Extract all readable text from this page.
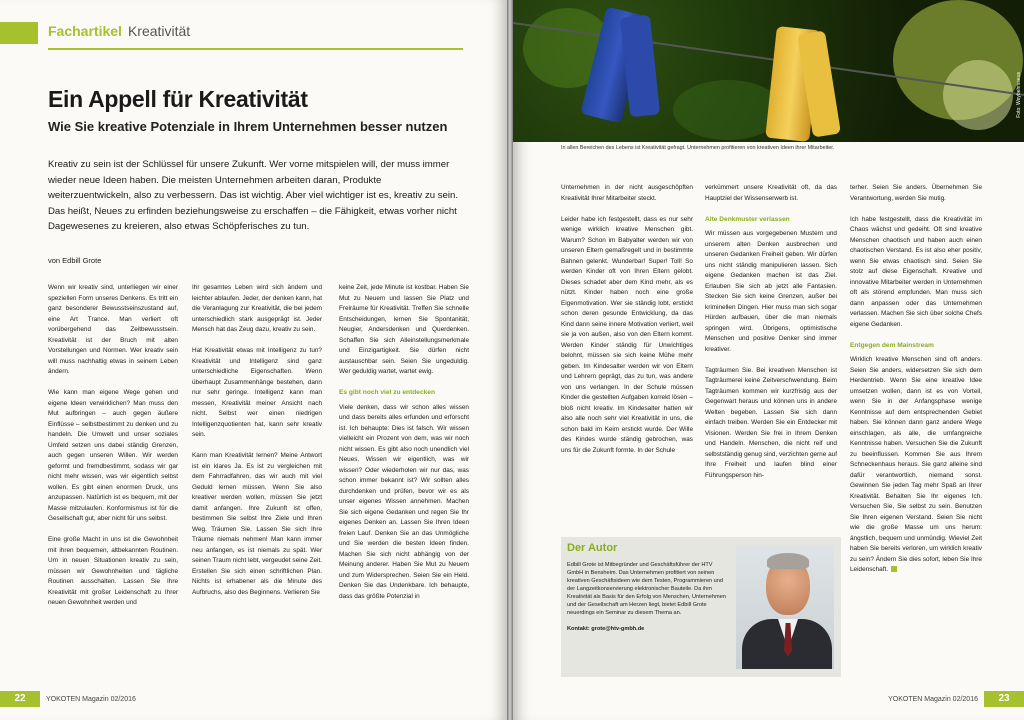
Fachartikel Kreativität
Ein Appell für Kreativität
Wie Sie kreative Potenziale in Ihrem Unternehmen besser nutzen

Kreativ zu sein ist der Schlüssel für unsere Zukunft. Wer vorne mitspielen will, der muss immer wieder neue Ideen haben. Die meisten Unternehmen arbeiten daran, Produkte weiterzuentwickeln, also zu verbessern. Das ist wichtig. Aber viel wichtiger ist es, kreativ zu sein. Das heißt, Neues zu erfinden beziehungsweise zu erschaffen – die Fähigkeit, etwas vorher nicht Dagewesenes zu kreieren, also etwas Schöpferisches zu tun.

von Edbill Grote

Wenn wir kreativ sind, unterliegen wir einer speziellen Form unseres Denkens. Es tritt ein ganz besonderer Bewusstseinszustand auf, eine Art Trance. Man verliert oft vorübergehend das Zeitbewusstsein. Kreativität ist der Bruch mit alten Vorstellungen und Normen. Wer kreativ sein will muss nachhaltig etwas in seinem Leben ändern.

Wie kann man eigene Wege gehen und eigene Ideen verwirklichen? Man muss den Mut aufbringen – auch gegen äußere Einflüsse – selbstbestimmt zu denken und zu handeln. Die Umwelt und unser soziales Umfeld setzen uns dabei ständig Grenzen, auch gegen unseren Willen. Wir werden geformt und fremdbestimmt, sodass wir gar nicht mehr wissen, was wir eigentlich selbst wollen. Es gibt einen enormen Druck, uns anzupassen. Natürlich ist es bequem, mit der Masse mitzulaufen. Konformismus ist für die Gesellschaft gut, aber nicht für uns selbst.

Eine große Macht in uns ist die Gewohnheit mit ihren bequemen, altbekannten Routinen. Um in neuen Situationen kreativ zu sein, müssen wir Gewohnheiten und tägliche Routinen ausschalten. Lassen Sie Ihre Kreativität mit großer Leidenschaft zu Ihrer neuen Gewohnheit werden und

Ihr gesamtes Leben wird sich ändern und leichter ablaufen. Jeder, der denken kann, hat die Veranlagung zur Kreativität, die bei jedem unterschiedlich stark ausgeprägt ist. Jeder Mensch hat das Zeug dazu, kreativ zu sein.

Hat Kreativität etwas mit Intelligenz zu tun? Kreativität und Intelligenz sind ganz unterschiedliche Eigenschaften. Wenn überhaupt Zusammenhänge bestehen, dann nur sehr geringe. Intelligenz kann man messen, Kreativität meiner Ansicht nach nicht. Selbst wer einen niedrigen Intelligenzquotienten hat, kann sehr kreativ sein.

Kann man Kreativität lernen? Meine Antwort ist ein klares Ja. Es ist zu vergleichen mit dem Fahrradfahren, das wir auch mit viel Geduld lernen müssen. Wenn Sie also kreativer werden wollen, müssen Sie jetzt damit anfangen. Ihre Zukunft ist offen, bestimmen Sie selbst Ihre Ziele und Ihren Weg. Träumen Sie. Lassen Sie sich Ihre Träume niemals nehmen! Man kann immer neu anfangen, es ist niemals zu spät. Wer seinen Traum nicht lebt, vergeudet seine Zeit. Erstellen Sie sich einen schriftlichen Plan. Nichts ist erhabener als die Minute des Aufbruchs, also des Beginnens. Verlieren Sie

keine Zeit, jede Minute ist kostbar. Haben Sie Mut zu Neuem und lassen Sie Platz und Freiräume für Kreativität. Treffen Sie schnelle Entscheidungen, lernen Sie Spontanität, Neugier, Andersdenken und Querdenken. Schaffen Sie sich Alleinstellungsmerkmale und Einzigartigkeit. Sie dürfen nicht austauschbar sein. Seien Sie ungeduldig. Wer geduldig wartet, wartet ewig.

Es gibt noch viel zu entdecken

Viele denken, dass wir schon alles wissen und dass bereits alles erfunden und erforscht ist. Ich behaupte: Dies ist falsch. Wir wissen vielleicht ein Prozent von dem, was wir noch nicht wissen. Es gibt also noch unendlich viel Neues. Wissen wir eigentlich, was wir wissen? Oder wiederholen wir nur das, was schon immer bekannt ist? Wir sollten alles durchdenken und prüfen, bevor wir es als unser eigenes Wissen annehmen. Machen Sie sich eigene Gedanken und regen Sie Ihr eigenes Denken an. Lassen Sie Ihren Ideen freien Lauf. Denken Sie an das Unmögliche und Sie werden die besten Ideen finden. Machen Sie sich nicht abhängig von der Meinung anderer. Haben Sie Mut zu Neuem und zum Widersprechen. Seien Sie ein Held. Denken Sie das Undenkbare. Ich behaupte, dass das größte Potenzial in

22	YOKOTEN Magazin 02/2016
Foto: Weybehrsseus

In allen Bereichen des Lebens ist Kreativität gefragt. Unternehmen profitieren von kreativen Ideen ihrer Mitarbeiter.

Unternehmen in der nicht ausgeschöpften Kreativität Ihrer Mitarbeiter steckt.

Leider habe ich festgestellt, dass es nur sehr wenige wirklich kreative Menschen gibt. Warum? Schon im Babyalter werden wir von unseren Eltern gemaßregelt und in bestimmte Bahnen gelenkt. Wunderbar! Super! Toll! So werden Kinder oft von Ihren Eltern gelobt. Dieses schadet aber dem Kind mehr, als es nützt. Kinder haben noch eine große Eigenmotivation. Wer sie ständig lobt, erstickt schon deren gesunde Entwicklung, da das Kind dann seine innere Motivation verliert, weil sie ja von außen, also von den Eltern kommt. Werden Kinder ständig für Unwichtiges belohnt, müssen sie sich keine Mühe mehr geben. Im Kindesalter werden wir von Eltern und Lehrern geprägt, das zu tun, was andere von uns verlangen. In der Schule müssen Kinder die gestellten Aufgaben korrekt lösen – bloß nicht kreativ. Im Kindesalter hatten wir also alle noch sehr viel Kreativität in uns, die schon bald im Keim erstickt wurde. Der Wille des Kindes wurde ständig gebrochen, was uns für die Zukunft formte. In der Schule

verkümmert unsere Kreativität oft, da das Hauptziel der Wissenserwerb ist.

Alte Denkmuster verlassen

Wir müssen aus vorgegebenen Mustern und unserem alten Denken ausbrechen und unseren Gedanken Freiheit geben. Wir dürfen uns nicht ständig manipulieren lassen. Sich eigene Gedanken machen ist das Ziel. Erlauben Sie sich ab jetzt alle Fantasien. Stecken Sie sich keine Grenzen, außer bei kriminellen Dingen. Hier muss man sich sogar Hürden aufbauen, über die man niemals springen wird. Übrigens, optimistische Menschen und positive Denker sind immer kreativer.

Tagträumen Sie. Bei kreativen Menschen ist Tagträumerei keine Zeitverschwendung. Beim Tagträumen kommen wir kurzfristig aus der Gegenwart heraus und können uns in andere Welten begeben. Lassen Sie sich dann einfach treiben. Werden Sie ein Entdecker mit Visionen. Werden Sie frei in Ihrem Denken und Handeln. Menschen, die nicht reif und selbstständig genug sind, verzichten gerne auf Ihre Freiheit und laufen blind einer Führungsperson hin-

terher. Seien Sie anders. Übernehmen Sie Verantwortung, werden Sie mutig.

Ich habe festgestellt, dass die Kreativität im Chaos wächst und gedeiht. Oft sind kreative Menschen chaotisch und haben auch einen chaotischen Verstand. Es ist also eher positiv, wenn Sie etwas chaotisch sind. Seien Sie stolz auf diese Eigenschaft. Kreative und innovative Mitarbeiter werden in Unternehmen oft als störend empfunden. Man muss sich dann anpassen oder das Unternehmen verlassen. Machen Sie sich über solche Chefs eigene Gedanken.

Entgegen dem Mainstream

Wirklich kreative Menschen sind oft anders. Seien Sie anders, widersetzen Sie sich dem Herdentrieb. Wenn Sie eine kreative Idee umsetzen wollen, dann ist es von Vorteil, wenn Sie in der Anfangsphase wenige Kenntnisse auf dem entsprechenden Gebiet haben. Sie können dann ganz andere Wege einschlagen, als alle, die umfangreiche Kenntnisse haben. Versuchen Sie die Zukunft zu beeinflussen. Kommen Sie aus Ihrem Schneckenhaus heraus. Sie ganz alleine sind dafür verantwortlich, niemand sonst. Gewinnen Sie jeden Tag mehr Spaß an Ihrer Kreativität. Behalten Sie Ihr eigenes Ich. Versuchen Sie, Sie selbst zu sein. Benutzen Sie Ihren eigenen Verstand. Seien Sie nicht wie die große Masse um uns herum: ängstlich, bequem und unmündig. Wieviel Zeit haben Sie bereits verloren, um wirklich kreativ zu sein? Ändern Sie dies sofort, leben Sie Ihre Leidenschaft.

Der Autor
Edbill Grote ist Mitbegründer und Geschäftsführer der HTV GmbH in Bensheim. Das Unternehmen profitiert von seinen kreativen Geschäftsideen wie dem Testen, Programmieren und der Langzeitkonservierung elektronischer Bauteile. Da ihm Kreativität als Basis für den Erfolg von Menschen, Unternehmen und der Gesellschaft am Herzen liegt, bietet Edbill Grote neuerdings ein Seminar zu diesem Thema an.
Kontakt: grote@htv-gmbh.de
YOKOTEN Magazin 02/2016 23
